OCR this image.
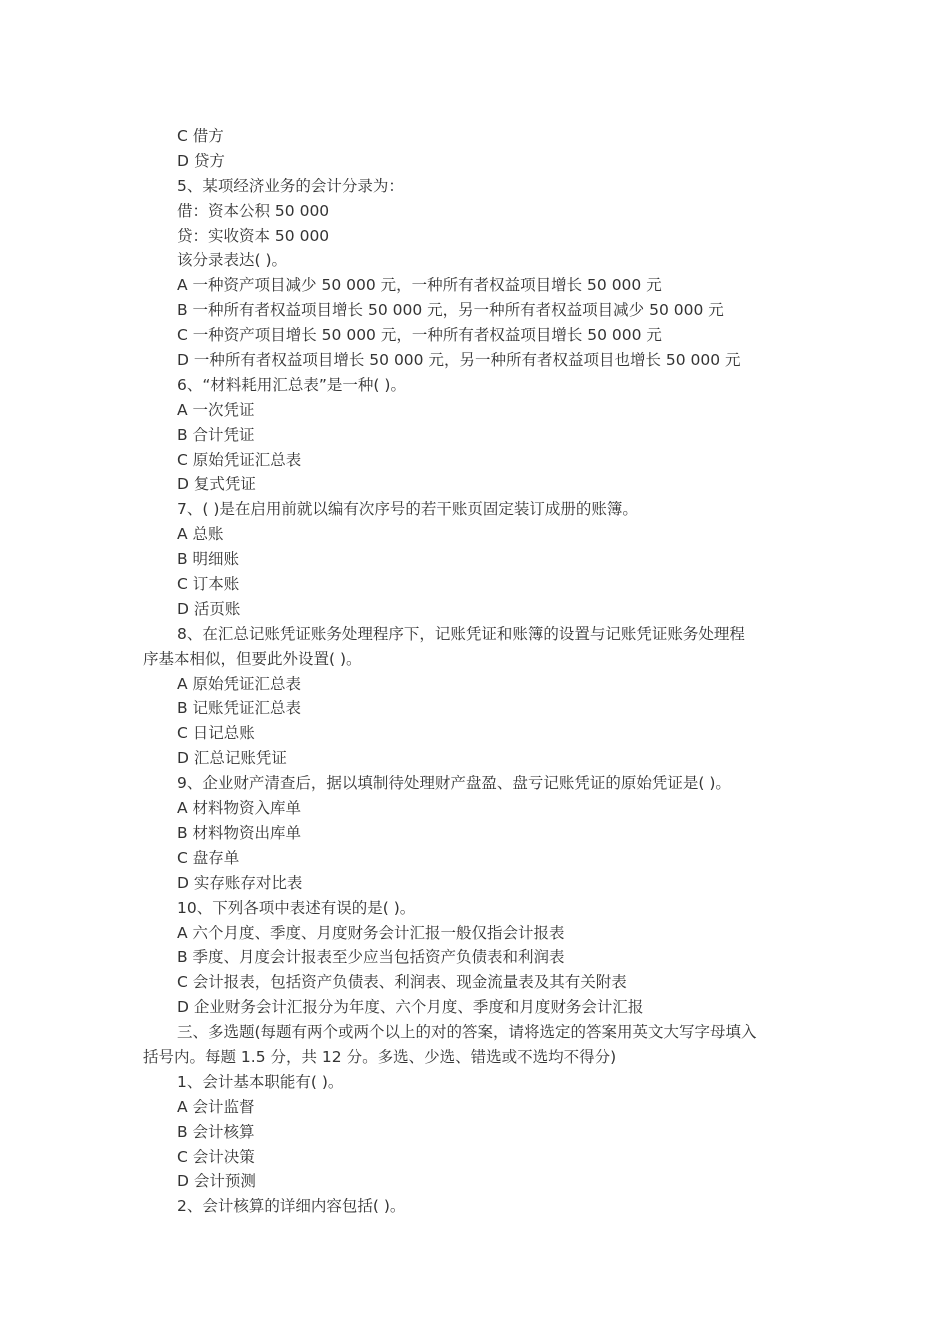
C 借方
D 贷方
5、某项经济业务的会计分录为：
借：资本公积 50 000
贷：实收资本 50 000
该分录表达( )。
A 一种资产项目减少 50 000 元，一种所有者权益项目增长 50 000 元
B 一种所有者权益项目增长 50 000 元，另一种所有者权益项目减少 50 000 元
C 一种资产项目增长 50 000 元，一种所有者权益项目增长 50 000 元
D 一种所有者权益项目增长 50 000 元，另一种所有者权益项目也增长 50 000 元
6、“材料耗用汇总表”是一种( )。
A 一次凭证
B 合计凭证
C 原始凭证汇总表
D 复式凭证
7、( )是在启用前就以编有次序号的若干账页固定装订成册的账簿。
A 总账
B 明细账
C 订本账
D 活页账
8、在汇总记账凭证账务处理程序下，记账凭证和账簿的设置与记账凭证账务处理程
序基本相似，但要此外设置( )。
A 原始凭证汇总表
B 记账凭证汇总表
C 日记总账
D 汇总记账凭证
9、企业财产清查后，据以填制待处理财产盘盈、盘亏记账凭证的原始凭证是( )。
A 材料物资入库单
B 材料物资出库单
C 盘存单
D 实存账存对比表
10、下列各项中表述有误的是( )。
A 六个月度、季度、月度财务会计汇报一般仅指会计报表
B 季度、月度会计报表至少应当包括资产负债表和利润表
C 会计报表，包括资产负债表、利润表、现金流量表及其有关附表
D 企业财务会计汇报分为年度、六个月度、季度和月度财务会计汇报
三、多选题(每题有两个或两个以上的对的答案，请将选定的答案用英文大写字母填入
括号内。每题 1.5 分，共 12 分。多选、少选、错选或不选均不得分)
1、会计基本职能有( )。
A 会计监督
B 会计核算
C 会计决策
D 会计预测
2、会计核算的详细内容包括( )。
